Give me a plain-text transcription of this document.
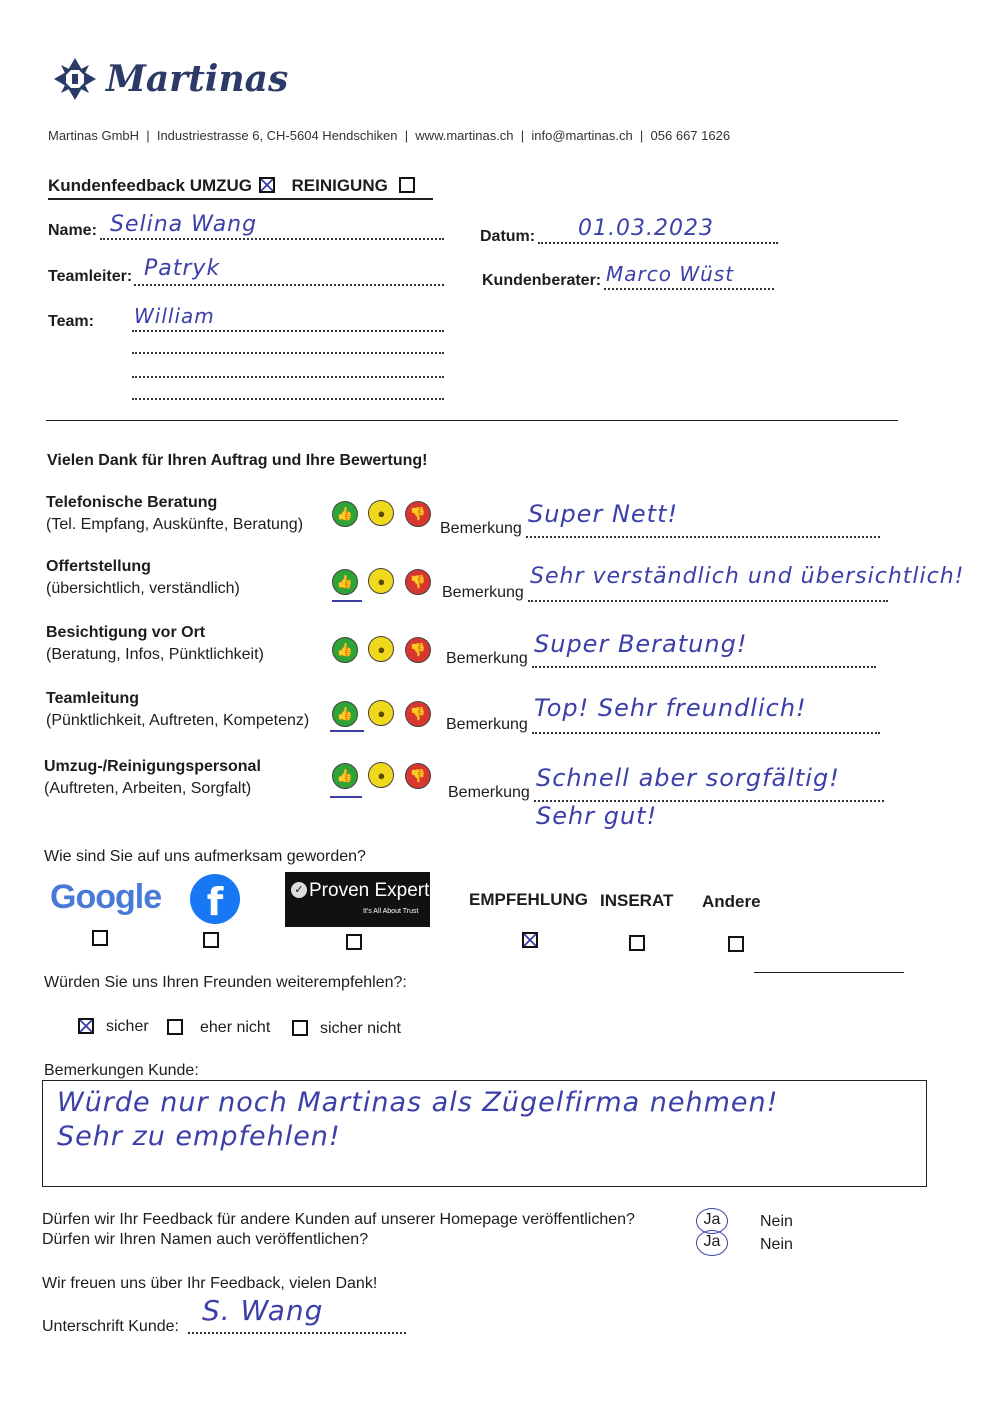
Martinas
Martinas GmbH  |  Industriestrasse 6, CH-5604 Hendschiken  |  www.martinas.ch  |  info@martinas.ch  |  056 667 1626
Kundenfeedback UMZUG REINIGUNG
Name: Selina Wang	Datum: 01.03.2023
Teamleiter: Patryk	Kundenberater: Marco Wüst
Team: William
Vielen Dank für Ihren Auftrag und Ihre Bewertung!
Telefonische Beratung
(Tel. Empfang, Auskünfte, Beratung)
👍 ● 👎
Bemerkung
Super Nett!
Offertstellung
(übersichtlich, verständlich)	👍 ● 👎
Bemerkung
Sehr verständlich und übersichtlich!
Besichtigung vor Ort
(Beratung, Infos, Pünktlichkeit)	👍 ● 👎
Bemerkung
Super Beratung!
Teamleitung
(Pünktlichkeit, Auftreten, Kompetenz)	👍 ● 👎
Bemerkung
Top! Sehr freundlich!
Umzug-/Reinigungspersonal
(Auftreten, Arbeiten, Sorgfalt)
👍 ● 👎
Bemerkung
Schnell aber sorgfältig!
Sehr gut!
Wie sind Sie auf uns aufmerksam geworden?
Google	f	✓ Proven Expert
It's All About Trust
EMPFEHLUNG INSERAT Andere
Würden Sie uns Ihren Freunden weiterempfehlen?:
sicher	eher nicht	sicher nicht
Bemerkungen Kunde:
Würde nur noch Martinas als Zügelfirma nehmen!
Sehr zu empfehlen!
Dürfen wir Ihr Feedback für andere Kunden auf unserer Homepage veröffentlichen?
Dürfen wir Ihren Namen auch veröffentlichen?
Ja	Nein
Ja	Nein
Wir freuen uns über Ihr Feedback, vielen Dank!
Unterschrift Kunde: S. Wang
